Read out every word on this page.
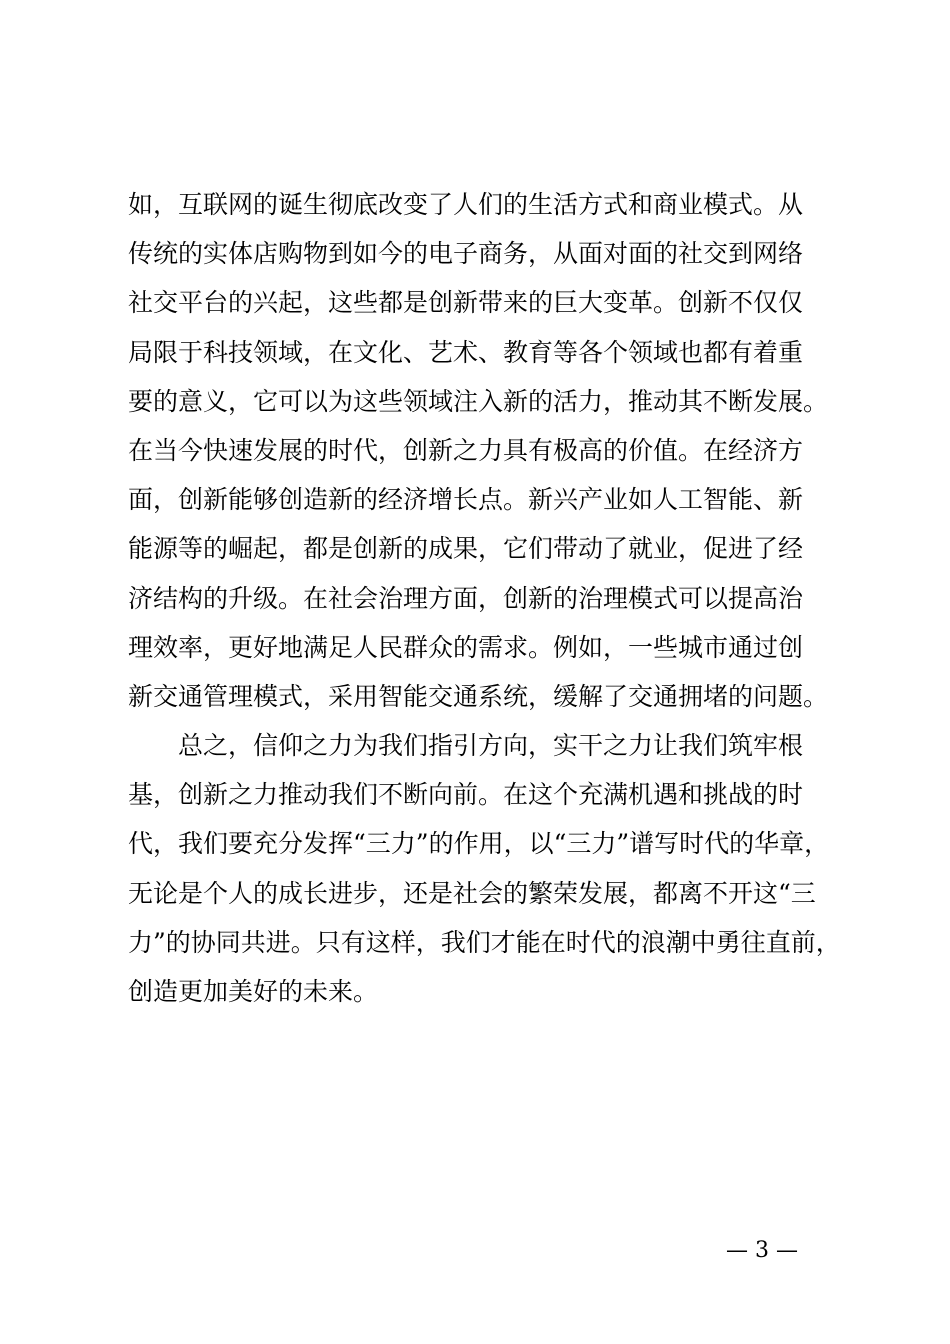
如，互联网的诞生彻底改变了人们的生活方式和商业模式。从
传统的实体店购物到如今的电子商务，从面对面的社交到网络
社交平台的兴起，这些都是创新带来的巨大变革。创新不仅仅
局限于科技领域，在文化、艺术、教育等各个领域也都有着重
要的意义，它可以为这些领域注入新的活力，推动其不断发展。
在当今快速发展的时代，创新之力具有极高的价值。在经济方
面，创新能够创造新的经济增长点。新兴产业如人工智能、新
能源等的崛起，都是创新的成果，它们带动了就业，促进了经
济结构的升级。在社会治理方面，创新的治理模式可以提高治
理效率，更好地满足人民群众的需求。例如，一些城市通过创
新交通管理模式，采用智能交通系统，缓解了交通拥堵的问题。
总之，信仰之力为我们指引方向，实干之力让我们筑牢根
基，创新之力推动我们不断向前。在这个充满机遇和挑战的时
代，我们要充分发挥“三力”的作用，以“三力”谱写时代的华章，
无论是个人的成长进步，还是社会的繁荣发展，都离不开这“三
力”的协同共进。只有这样，我们才能在时代的浪潮中勇往直前，
创造更加美好的未来。
— 3 —
